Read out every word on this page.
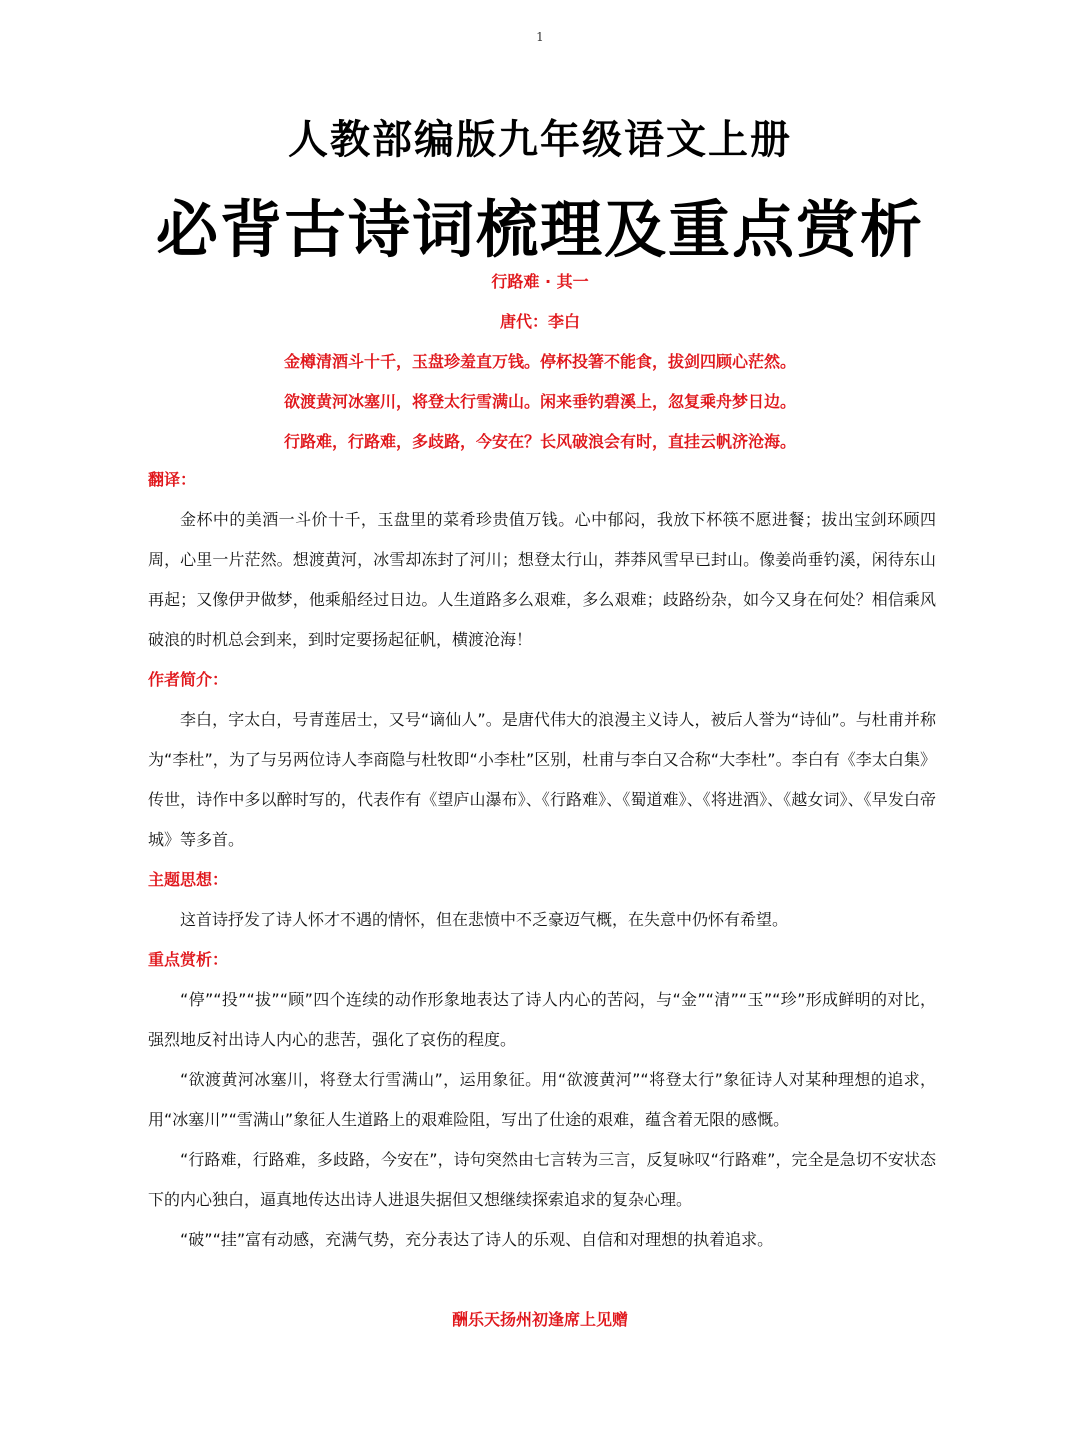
1
人教部编版九年级语文上册
必背古诗词梳理及重点赏析
行路难 · 其一
唐代：李白
金樽清酒斗十千，玉盘珍羞直万钱。停杯投箸不能食，拔剑四顾心茫然。
欲渡黄河冰塞川，将登太行雪满山。闲来垂钓碧溪上，忽复乘舟梦日边。
行路难，行路难，多歧路，今安在？长风破浪会有时，直挂云帆济沧海。
翻译：

金杯中的美酒一斗价十千，玉盘里的菜肴珍贵值万钱。心中郁闷，我放下杯筷不愿进餐；拔出宝剑环顾四周，心里一片茫然。想渡黄河，冰雪却冻封了河川；想登太行山，莽莽风雪早已封山。像姜尚垂钓溪，闲待东山再起；又像伊尹做梦，他乘船经过日边。人生道路多么艰难，多么艰难；歧路纷杂，如今又身在何处？相信乘风破浪的时机总会到来，到时定要扬起征帆，横渡沧海！

作者简介：

李白，字太白，号青莲居士，又号“谪仙人”。是唐代伟大的浪漫主义诗人，被后人誉为“诗仙”。与杜甫并称为“李杜”，为了与另两位诗人李商隐与杜牧即“小李杜”区别，杜甫与李白又合称“大李杜”。李白有《李太白集》传世，诗作中多以醉时写的，代表作有《望庐山瀑布》、《行路难》、《蜀道难》、《将进酒》、《越女词》、《早发白帝城》等多首。

主题思想：

这首诗抒发了诗人怀才不遇的情怀，但在悲愤中不乏豪迈气概，在失意中仍怀有希望。

重点赏析：

“停”“投”“拔”“顾”四个连续的动作形象地表达了诗人内心的苦闷，与“金”“清”“玉”“珍”形成鲜明的对比，强烈地反衬出诗人内心的悲苦，强化了哀伤的程度。

“欲渡黄河冰塞川，将登太行雪满山”，运用象征。用“欲渡黄河”“将登太行”象征诗人对某种理想的追求，用“冰塞川”“雪满山”象征人生道路上的艰难险阻，写出了仕途的艰难，蕴含着无限的感慨。

“行路难，行路难，多歧路，今安在”，诗句突然由七言转为三言，反复咏叹“行路难”，完全是急切不安状态下的内心独白，逼真地传达出诗人进退失据但又想继续探索追求的复杂心理。

“破”“挂”富有动感，充满气势，充分表达了诗人的乐观、自信和对理想的执着追求。

酬乐天扬州初逢席上见赠
